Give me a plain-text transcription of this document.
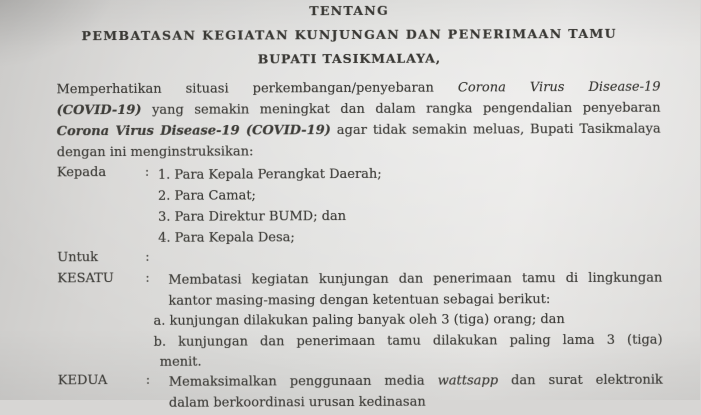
TENTANG
PEMBATASAN KEGIATAN KUNJUNGAN DAN PENERIMAAN TAMU
BUPATI TASIKMALAYA,
Memperhatikan situasi perkembangan/penyebaran Corona Virus Disease-19
(COVID-19) yang semakin meningkat dan dalam rangka pengendalian penyebaran
Corona Virus Disease-19 (COVID-19) agar tidak semakin meluas, Bupati Tasikmalaya
dengan ini menginstruksikan:
Kepada	: 1. Para Kepala Perangkat Daerah;
2. Para Camat;
3. Para Direktur BUMD; dan
4. Para Kepala Desa;
Untuk	:
KESATU : Membatasi kegiatan kunjungan dan penerimaan tamu di lingkungan
kantor masing-masing dengan ketentuan sebagai berikut:
a. kunjungan dilakukan paling banyak oleh 3 (tiga) orang; dan
b. kunjungan dan penerimaan tamu dilakukan paling lama 3 (tiga)
menit.
KEDUA	: Memaksimalkan penggunaan media wattsapp dan surat elektronik
dalam berkoordinasi urusan kedinasan
